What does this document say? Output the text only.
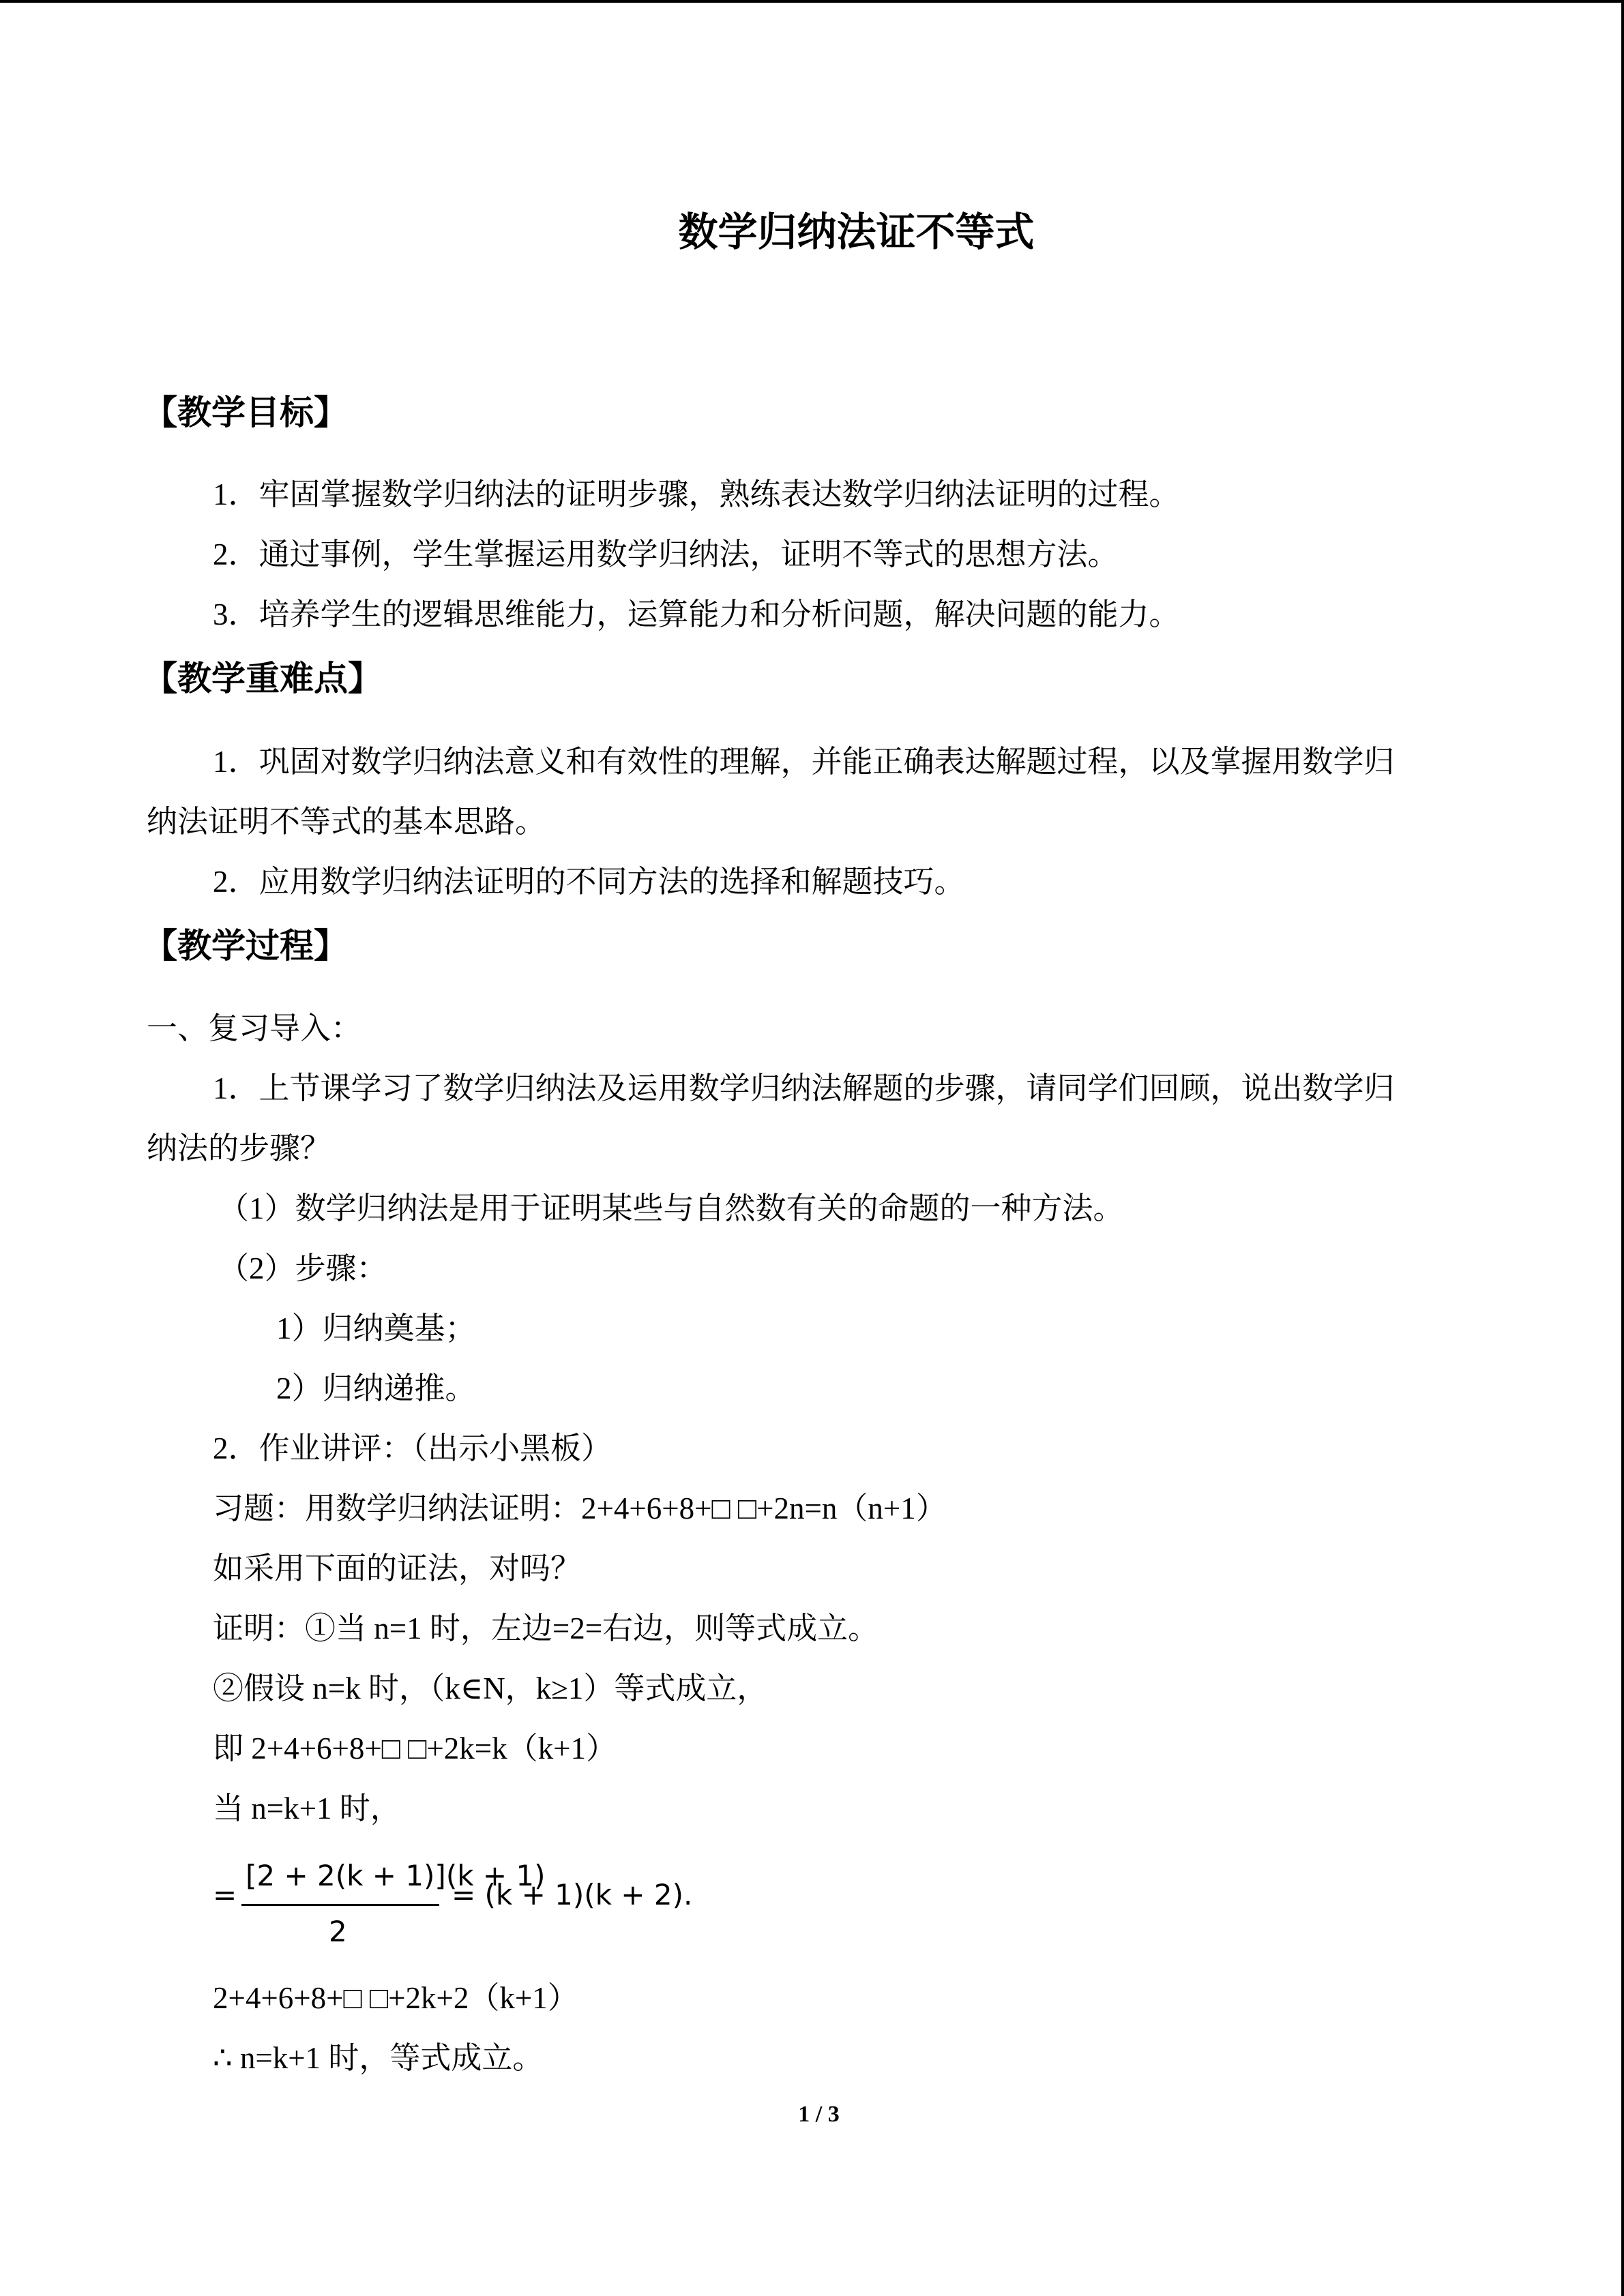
数学归纳法证不等式
【教学目标】
1．牢固掌握数学归纳法的证明步骤，熟练表达数学归纳法证明的过程。
2．通过事例，学生掌握运用数学归纳法，证明不等式的思想方法。
3．培养学生的逻辑思维能力，运算能力和分析问题，解决问题的能力。
【教学重难点】
1．巩固对数学归纳法意义和有效性的理解，并能正确表达解题过程，以及掌握用数学归
纳法证明不等式的基本思路。
2．应用数学归纳法证明的不同方法的选择和解题技巧。
【教学过程】
一、复习导入：
1．上节课学习了数学归纳法及运用数学归纳法解题的步骤，请同学们回顾，说出数学归
纳法的步骤？
（1）数学归纳法是用于证明某些与自然数有关的命题的一种方法。
（2）步骤：
1）归纳奠基；
2）归纳递推。
2．作业讲评：（出示小黑板）
习题：用数学归纳法证明：2+4+6+8+□ □+2n=n（n+1）
如采用下面的证法，对吗？
证明：①当 n=1 时，左边=2=右边，则等式成立。
②假设 n=k 时，（k∈N，k≥1）等式成立，
即 2+4+6+8+□ □+2k=k（k+1）
当 n=k+1 时，
=
[2 + 2(k + 1)](k + 1)
2
= (k + 1)(k + 2).
2+4+6+8+□ □+2k+2（k+1）
∴ n=k+1 时，等式成立。
1 / 3
